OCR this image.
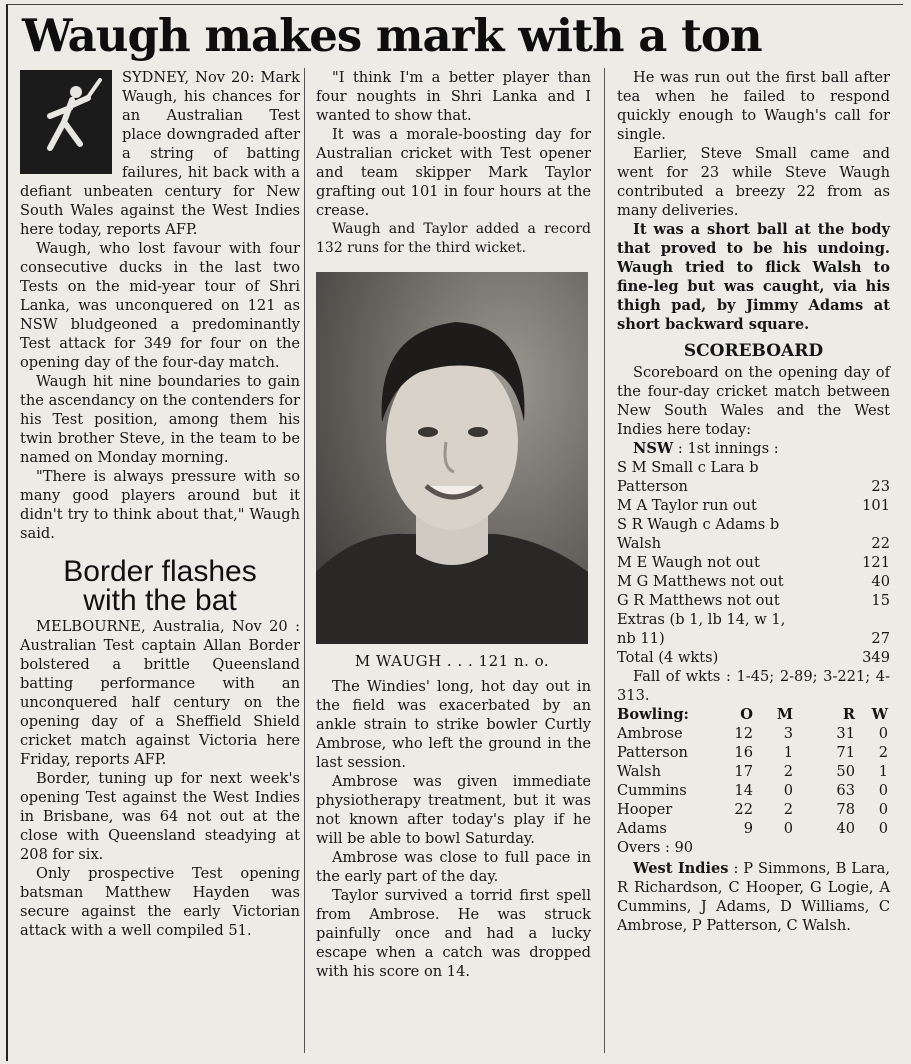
Waugh makes mark with a ton

SYDNEY, Nov 20: Mark Waugh, his chances for an Australian Test place downgraded after a string of batting failures, hit back with a defiant unbeaten century for New South Wales against the West Indies here today, reports AFP.

Waugh, who lost favour with four consecutive ducks in the last two Tests on the mid-year tour of Shri Lanka, was unconquered on 121 as NSW bludgeoned a predominantly Test attack for 349 for four on the opening day of the four-day match.

Waugh hit nine boundaries to gain the ascendancy on the contenders for his Test position, among them his twin brother Steve, in the team to be named on Monday morning.

"There is always pressure with so many good players around but it didn't try to think about that," Waugh said.

Border flashes
with the bat

MELBOURNE, Australia, Nov 20 : Australian Test captain Allan Border bolstered a brittle Queensland batting performance with an unconquered half century on the opening day of a Sheffield Shield cricket match against Victoria here Friday, reports AFP.

Border, tuning up for next week's opening Test against the West Indies in Brisbane, was 64 not out at the close with Queensland steadying at 208 for six.

Only prospective Test opening batsman Matthew Hayden was secure against the early Victorian attack with a well compiled 51.

"I think I'm a better player than four noughts in Shri Lanka and I wanted to show that.

It was a morale-boosting day for Australian cricket with Test opener and team skipper Mark Taylor grafting out 101 in four hours at the crease.

Waugh and Taylor added a record 132 runs for the third wicket.

M WAUGH . . . 121 n. o.

The Windies' long, hot day out in the field was exacerbated by an ankle strain to strike bowler Curtly Ambrose, who left the ground in the last session.

Ambrose was given immediate physiotherapy treatment, but it was not known after today's play if he will be able to bowl Saturday.

Ambrose was close to full pace in the early part of the day.

Taylor survived a torrid first spell from Ambrose. He was struck painfully once and had a lucky escape when a catch was dropped with his score on 14.

He was run out the first ball after tea when he failed to respond quickly enough to Waugh's call for single.

Earlier, Steve Small came and went for 23 while Steve Waugh contributed a breezy 22 from as many deliveries.

It was a short ball at the body that proved to be his undoing. Waugh tried to flick Walsh to fine-leg but was caught, via his thigh pad, by Jimmy Adams at short backward square.

SCOREBOARD

Scoreboard on the opening day of the four-day cricket match between New South Wales and the West Indies here today:

NSW : 1st innings :
S M Small c Lara b
Patterson	23
M A Taylor run out	101
S R Waugh c Adams b
Walsh	22
M E Waugh not out	121
M G Matthews not out	40
G R Matthews not out	15
Extras (b 1, lb 14, w 1,
nb 11)	27
Total (4 wkts)	349

Fall of wkts : 1-45; 2-89; 3-221; 4-313.

Bowling:	O	M	R	W
Ambrose	12	3	31	0
Patterson	16	1	71	2
Walsh	17	2	50	1
Cummins	14	0	63	0
Hooper	22	2	78	0
Adams	9	0	40	0
Overs : 90

West Indies : P Simmons, B Lara, R Richardson, C Hooper, G Logie, A Cummins, J Adams, D Williams, C Ambrose, P Patterson, C Walsh.
